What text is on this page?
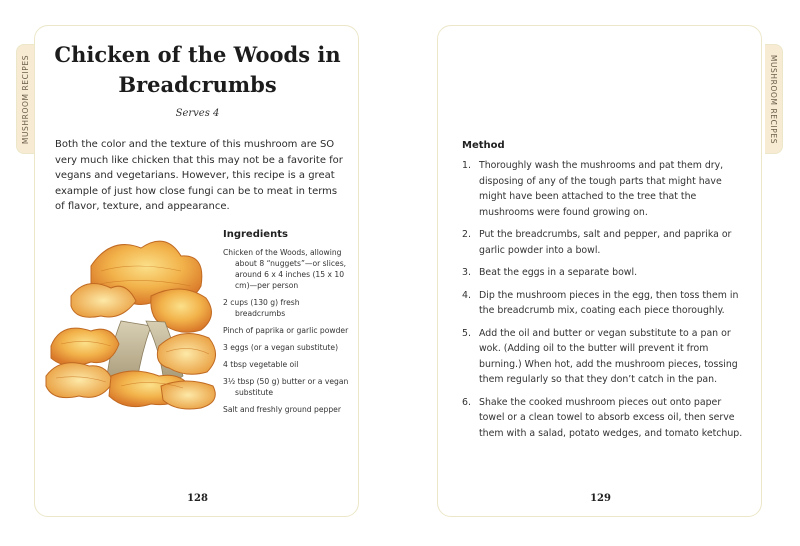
MUSHROOM RECIPES	MUSHROOM RECIPES
Chicken of the Woods in
Breadcrumbs
Serves 4

Both the color and the texture of this mushroom are SO very much like chicken that this may not be a favorite for vegans and vegetarians. However, this recipe is a great example of just how close fungi can be to meat in terms of flavor, texture, and appearance.

Ingredients
Chicken of the Woods, allowing about 8 “nuggets”—or slices, around 6 x 4 inches (15 x 10 cm)—per person
2 cups (130 g) fresh breadcrumbs
Pinch of paprika or garlic powder
3 eggs (or a vegan substitute)
4 tbsp vegetable oil
3½ tbsp (50 g) butter or a vegan substitute
Salt and freshly ground pepper
128
Method
1. Thoroughly wash the mushrooms and pat them dry, disposing of any of the tough parts that might have might have been attached to the tree that the mushrooms were found growing on.
2. Put the breadcrumbs, salt and pepper, and paprika or garlic powder into a bowl.
3. Beat the eggs in a separate bowl.
4. Dip the mushroom pieces in the egg, then toss them in the breadcrumb mix, coating each piece thoroughly.
5. Add the oil and butter or vegan substitute to a pan or wok. (Adding oil to the butter will prevent it from burning.) When hot, add the mushroom pieces, tossing them regularly so that they don’t catch in the pan.
6. Shake the cooked mushroom pieces out onto paper towel or a clean towel to absorb excess oil, then serve them with a salad, potato wedges, and tomato ketchup.
129
